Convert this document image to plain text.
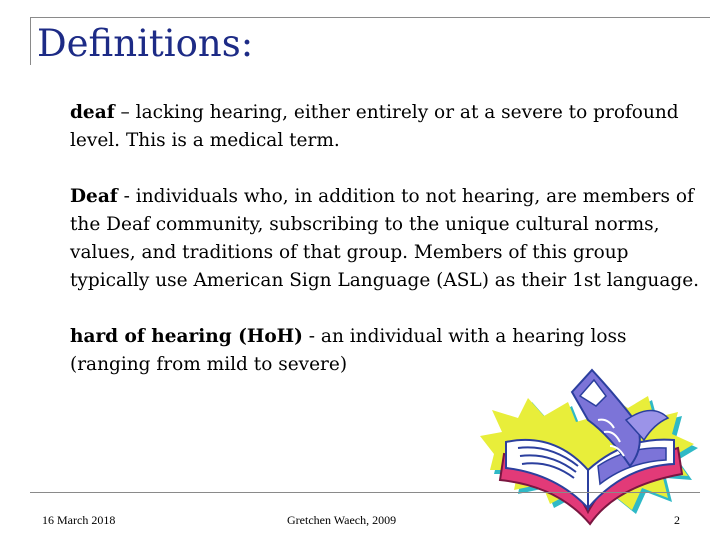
Definitions:

deaf – lacking hearing, either entirely or at a severe to profound level. This is a medical term.

Deaf - individuals who, in addition to not hearing, are members of the Deaf community, subscribing to the unique cultural norms, values, and traditions of that group. Members of this group typically use American Sign Language (ASL) as their 1st language.

hard of hearing (HoH) - an individual with a hearing loss (ranging from mild to severe)

16 March 2018	Gretchen Waech, 2009	2
